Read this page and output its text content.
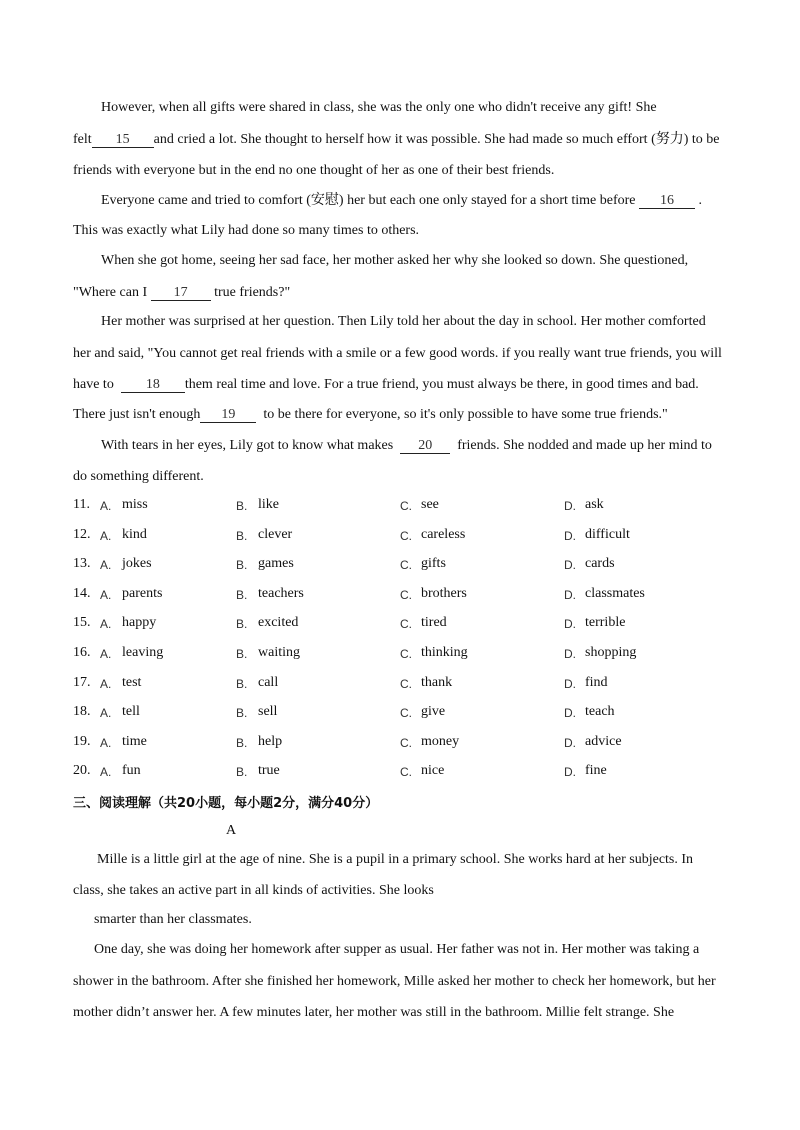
However, when all gifts were shared in class, she was the only one who didn't receive any gift! She
felt 15 and cried a lot. She thought to herself how it was possible. She had made so much effort (努力) to be
friends with everyone but in the end no one thought of her as one of their best friends.
Everyone came and tried to comfort (安慰) her but each one only stayed for a short time before 16 .
This was exactly what Lily had done so many times to others.
When she got home, seeing her sad face, her mother asked her why she looked so down. She questioned,
"Where can I 17 true friends?"
Her mother was surprised at her question. Then Lily told her about the day in school. Her mother comforted
her and said, "You cannot get real friends with a smile or a few good words. if you really want true friends, you will
have to 18 them real time and love. For a true friend, you must always be there, in good times and bad.
There just isn't enough 19 to be there for everyone, so it's only possible to have some true friends."
With tears in her eyes, Lily got to know what makes 20 friends. She nodded and made up her mind to
do something different.
11. A. miss	B. like	C. see	D. ask
12. A. kind	B. clever	C. careless	D. difficult
13. A. jokes	B. games	C. gifts	D. cards
14. A. parents	B. teachers	C. brothers	D. classmates
15. A. happy	B. excited	C. tired	D. terrible
16. A. leaving	B. waiting	C. thinking	D. shopping
17. A. test	B. call	C. thank	D. find
18. A. tell	B. sell	C. give	D. teach
19. A. time	B. help	C. money	D. advice
20. A. fun	B. true	C. nice	D. fine
三、阅读理解（共20小题，每小题2分，满分40分）
A
Mille is a little girl at the age of nine. She is a pupil in a primary school. She works hard at her subjects. In
class, she takes an active part in all kinds of activities. She looks
smarter than her classmates.
One day, she was doing her homework after supper as usual. Her father was not in. Her mother was taking a
shower in the bathroom. After she finished her homework, Mille asked her mother to check her homework, but her
mother didn’t answer her. A few minutes later, her mother was still in the bathroom. Millie felt strange. She
